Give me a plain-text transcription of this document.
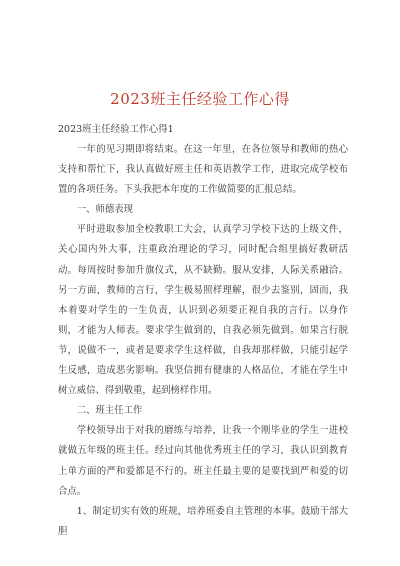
2023班主任经验工作心得
2023班主任经验工作心得1

一年的见习期即将结束。在这一年里，在各位领导和教师的热心支持和帮忙下，我认真做好班主任和英语教学工作，进取完成学校布置的各项任务。下头我把本年度的工作做简要的汇报总结。

一、师德表现

平时进取参加全校教职工大会，认真学习学校下达的上级文件，关心国内外大事，注重政治理论的学习，同时配合组里搞好教研活动。每周按时参加升旗仪式，从不缺勤。服从安排，人际关系融洽。另一方面，教师的言行，学生极易照样理解，很少去鉴别，固而，我本着要对学生的一生负责，认识到必须要正视自我的言行。以身作则，才能为人师表。要求学生做到的，自我必须先做到。如果言行脱节，说做不一，或者是要求学生这样做，自我却那样做，只能引起学生反感，造成恶劣影响。我坚信拥有健康的人格品位，才能在学生中树立威信、得到敬重，起到榜样作用。

二、班主任工作

学校领导出于对我的磨练与培养，让我一个刚毕业的学生一进校就做五年级的班主任。经过向其他优秀班主任的学习，我认识到教育上单方面的严和爱都是不行的。班主任最主要的是要找到严和爱的切合点。

1、制定切实有效的班规，培养班委自主管理的本事。鼓励干部大胆
